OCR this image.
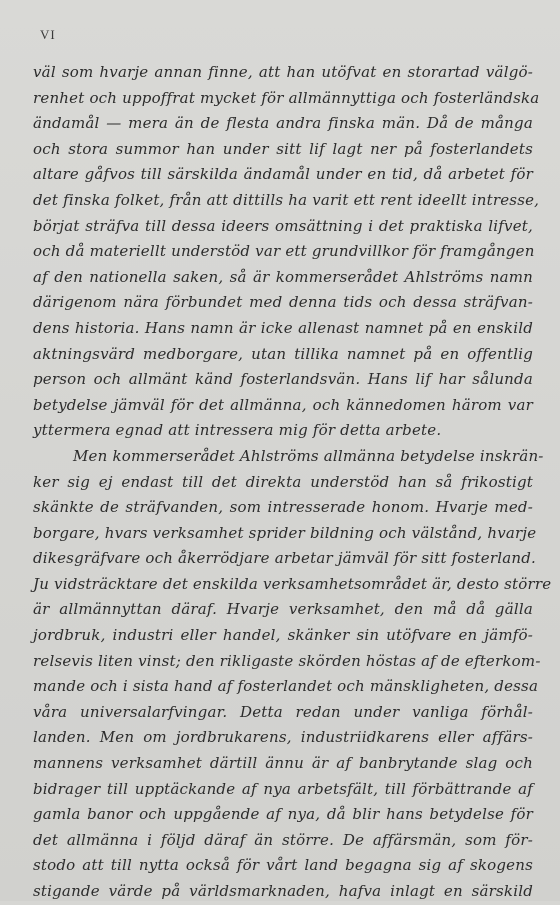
VI
väl som hvarje annan finne, att han utöfvat en storartad välgö-
renhet och uppoffrat mycket för allmännyttiga och fosterländska
ändamål — mera än de flesta andra finska män. Då de många
och stora summor han under sitt lif lagt ner på fosterlandets
altare gåfvos till särskilda ändamål under en tid, då arbetet för
det finska folket, från att dittills ha varit ett rent ideellt intresse,
börjat sträfva till dessa ideers omsättning i det praktiska lifvet,
och då materiellt understöd var ett grundvillkor för framgången
af den nationella saken, så är kommerserådet Ahlströms namn
därigenom nära förbundet med denna tids och dessa sträfvan-
dens historia. Hans namn är icke allenast namnet på en enskild
aktningsvärd medborgare, utan tillika namnet på en offentlig
person och allmänt känd fosterlandsvän. Hans lif har sålunda
betydelse jämväl för det allmänna, och kännedomen härom var
yttermera egnad att intressera mig för detta arbete.
Men kommerserådet Ahlströms allmänna betydelse inskrän-
ker sig ej endast till det direkta understöd han så frikostigt
skänkte de sträfvanden, som intresserade honom. Hvarje med-
borgare, hvars verksamhet sprider bildning och välstånd, hvarje
dikesgräfvare och åkerrödjare arbetar jämväl för sitt fosterland.
Ju vidsträcktare det enskilda verksamhetsområdet är, desto större
är allmännyttan däraf. Hvarje verksamhet, den må då gälla
jordbruk, industri eller handel, skänker sin utöfvare en jämfö-
relsevis liten vinst; den rikligaste skörden höstas af de efterkom-
mande och i sista hand af fosterlandet och mänskligheten, dessa
våra universalarfvingar. Detta redan under vanliga förhål-
landen. Men om jordbrukarens, industriidkarens eller affärs-
mannens verksamhet därtill ännu är af banbrytande slag och
bidrager till upptäckande af nya arbetsfält, till förbättrande af
gamla banor och uppgående af nya, då blir hans betydelse för
det allmänna i följd däraf än större. De affärsmän, som för-
stodo att till nytta också för vårt land begagna sig af skogens
stigande värde på världsmarknaden, hafva inlagt en särskild
